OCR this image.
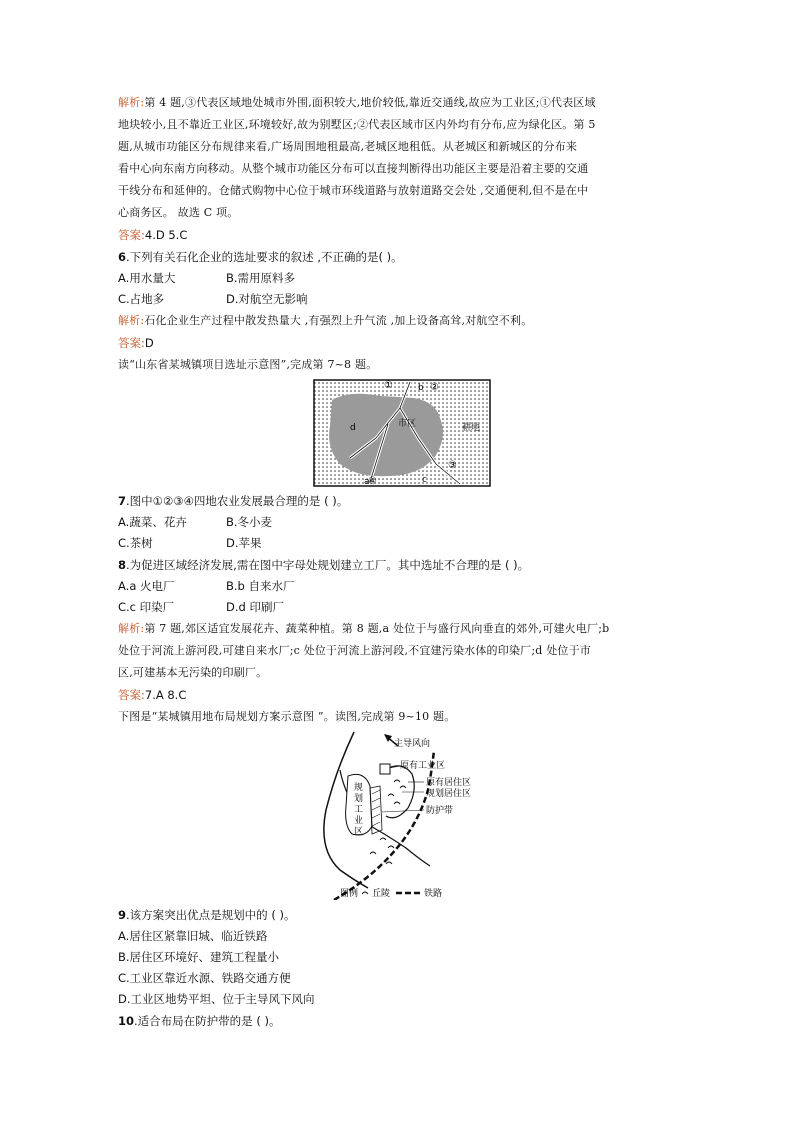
解析:第 4 题,③代表区域地处城市外围,面积较大,地价较低,靠近交通线,故应为工业区;①代表区域
地块较小,且不靠近工业区,环境较好,故为别墅区;②代表区域市区内外均有分布,应为绿化区。第 5
题,从城市功能区分布规律来看,广场周围地租最高,老城区地租低。从老城区和新城区的分布来
看中心向东南方向移动。从整个城市功能区分布可以直接判断得出功能区主要是沿着主要的交通
干线分布和延伸的。仓储式购物中心位于城市环线道路与放射道路交会处 ,交通便利,但不是在中
心商务区。 故选 C 项。
答案:4.D 5.C
6.下列有关石化企业的选址要求的叙述 ,不正确的是( )。
A.用水量大	B.需用原料多
C.占地多	D.对航空无影响
解析:石化企业生产过程中散发热量大 ,有强烈上升气流 ,加上设备高耸,对航空不利。
答案:D
读“山东省某城镇项目选址示意图”,完成第 7~8 题。
①	b ②
d	市区	耕地
③
④	c
a
7.图中①②③④四地农业发展最合理的是 ( )。
A.蔬菜、花卉	B.冬小麦
C.茶树	D.苹果
8.为促进区域经济发展,需在图中字母处规划建立工厂。其中选址不合理的是 ( )。
A.a 火电厂	B.b 自来水厂
C.c 印染厂	D.d 印刷厂
解析:第 7 题,郊区适宜发展花卉、蔬菜种植。第 8 题,a 处位于与盛行风向垂直的郊外,可建火电厂;b
处位于河流上游河段,可建自来水厂;c 处位于河流上游河段,不宜建污染水体的印染厂;d 处位于市
区,可建基本无污染的印刷厂。
答案:7.A 8.C
下图是“某城镇用地布局规划方案示意图 ”。读图,完成第 9~10 题。
主导风向
原有工业区
原有居住区
规划居住区
防护带
规
划
工
业
区
图例 丘陵	铁路
9.该方案突出优点是规划中的 ( )。
A.居住区紧靠旧城、临近铁路
B.居住区环境好、建筑工程量小
C.工业区靠近水源、铁路交通方便
D.工业区地势平坦、位于主导风下风向
10.适合布局在防护带的是 ( )。
